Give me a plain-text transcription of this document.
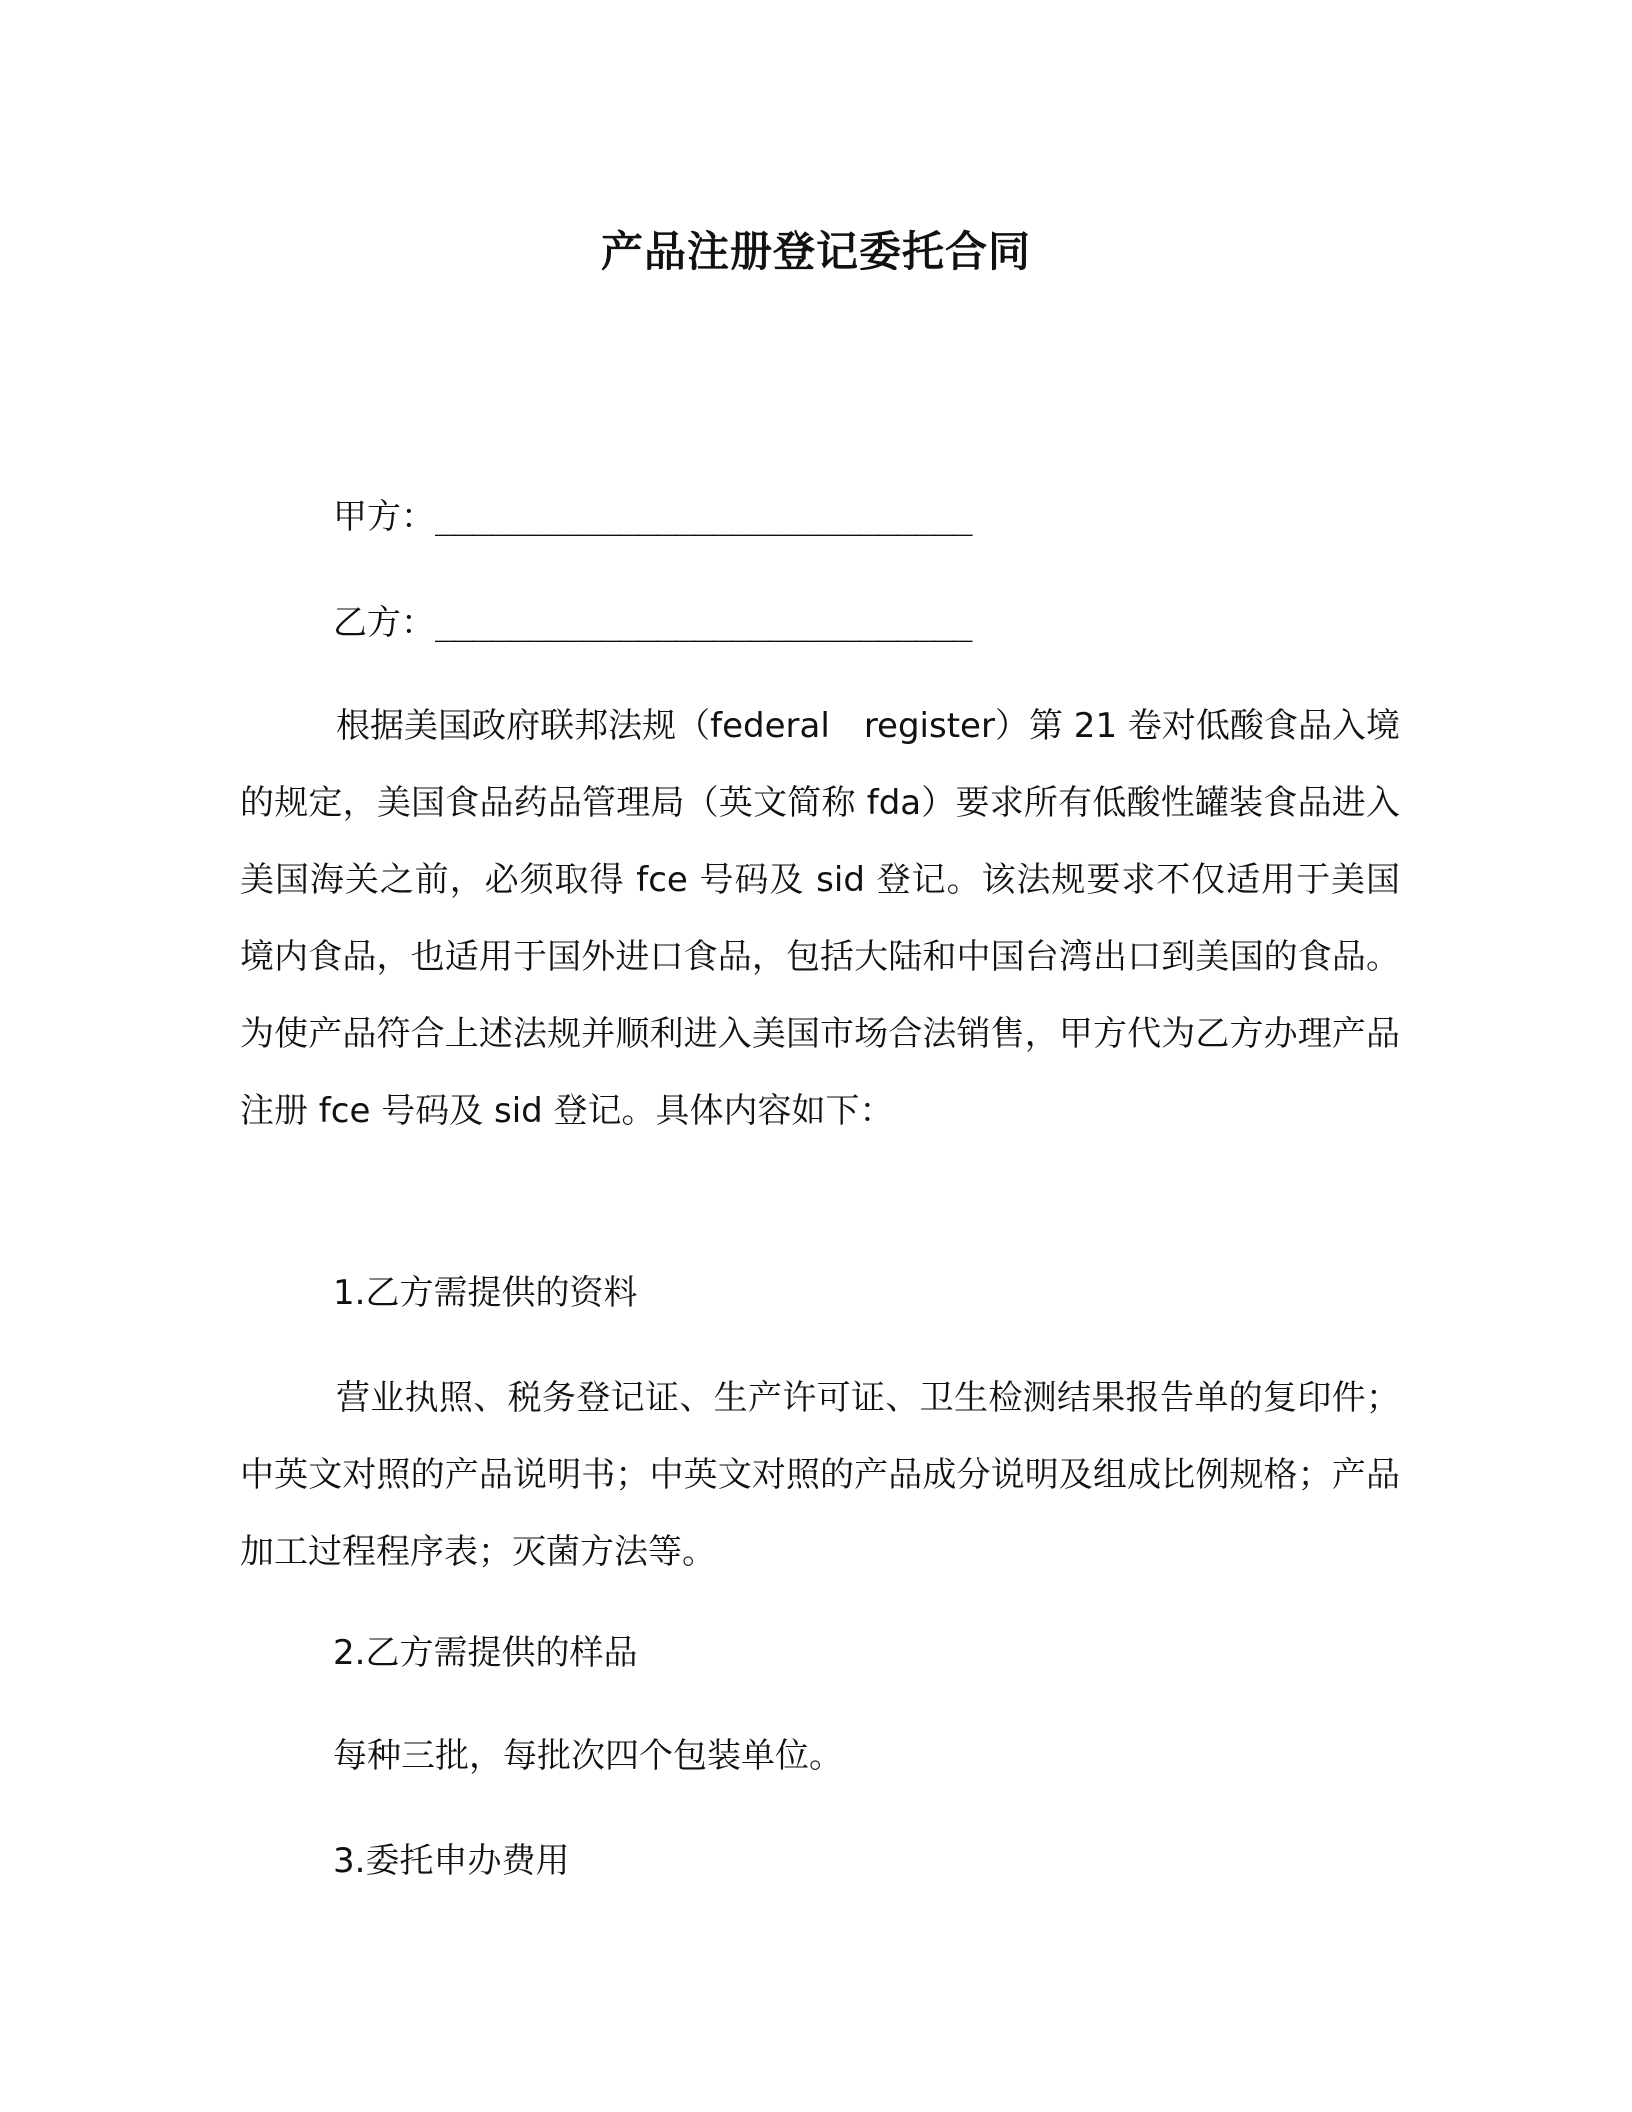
产品注册登记委托合同
甲方：_____________________________
乙方：_____________________________

根据美国政府联邦法规（federal　register）第 21 卷对低酸食品入境的规定，美国食品药品管理局（英文简称 fda）要求所有低酸性罐装食品进入美国海关之前，必须取得 fce 号码及 sid 登记。该法规要求不仅适用于美国境内食品，也适用于国外进口食品，包括大陆和中国台湾出口到美国的食品。为使产品符合上述法规并顺利进入美国市场合法销售，甲方代为乙方办理产品注册 fce 号码及 sid 登记。具体内容如下：

1.乙方需提供的资料

营业执照、税务登记证、生产许可证、卫生检测结果报告单的复印件；中英文对照的产品说明书；中英文对照的产品成分说明及组成比例规格；产品加工过程程序表；灭菌方法等。

2.乙方需提供的样品

每种三批，每批次四个包装单位。

3.委托申办费用
